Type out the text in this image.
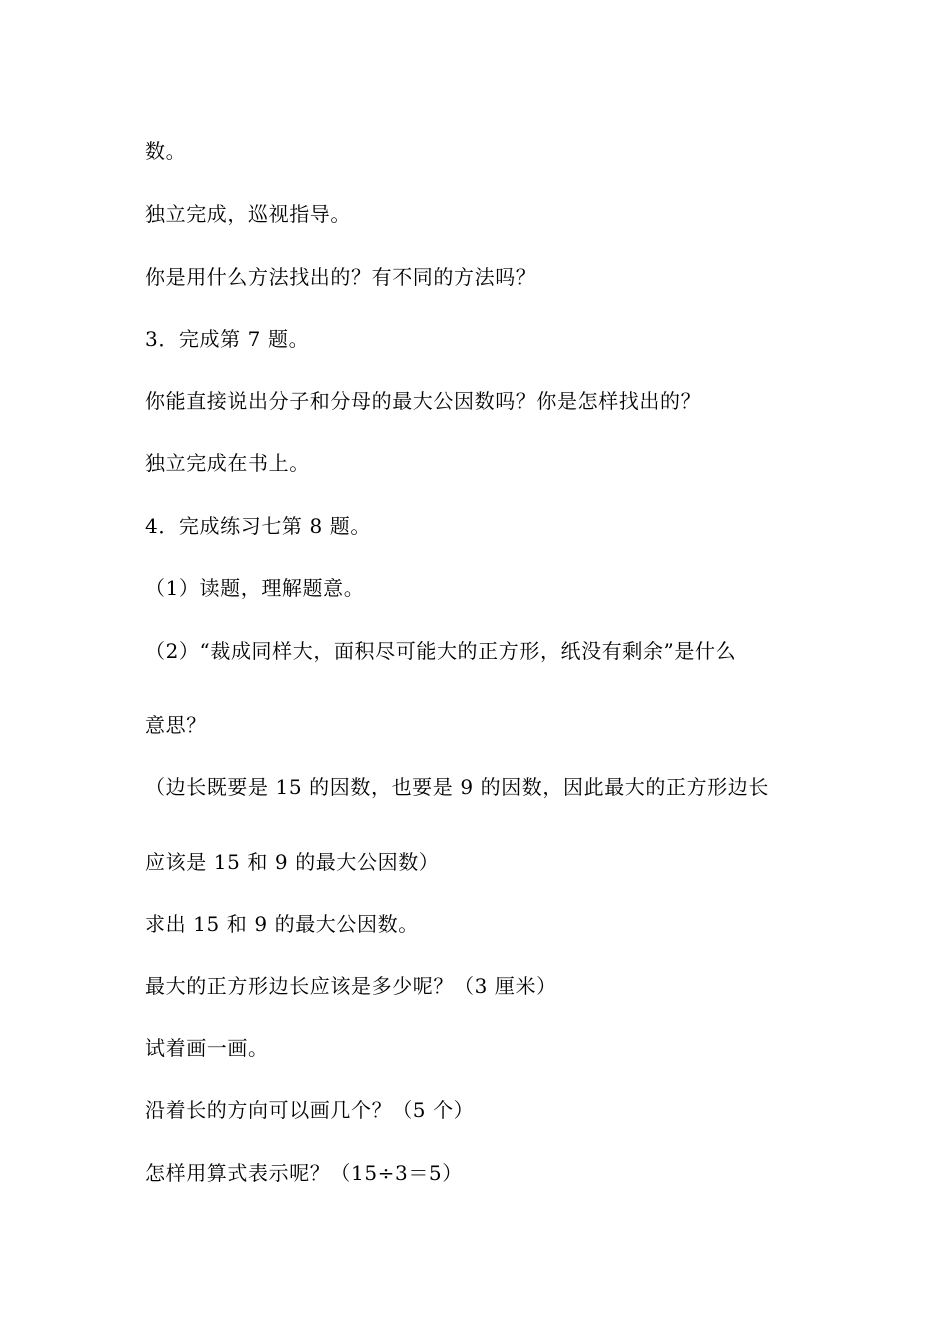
数。
独立完成，巡视指导。
你是用什么方法找出的？有不同的方法吗？
3．完成第 7 题。
你能直接说出分子和分母的最大公因数吗？你是怎样找出的？
独立完成在书上。
4．完成练习七第 8 题。
（1）读题，理解题意。
（2）“裁成同样大，面积尽可能大的正方形，纸没有剩余”是什么
意思？
（边长既要是 15 的因数，也要是 9 的因数，因此最大的正方形边长
应该是 15 和 9 的最大公因数）
求出 15 和 9 的最大公因数。
最大的正方形边长应该是多少呢？（3 厘米）
试着画一画。
沿着长的方向可以画几个？（5 个）
怎样用算式表示呢？（15÷3＝5）
